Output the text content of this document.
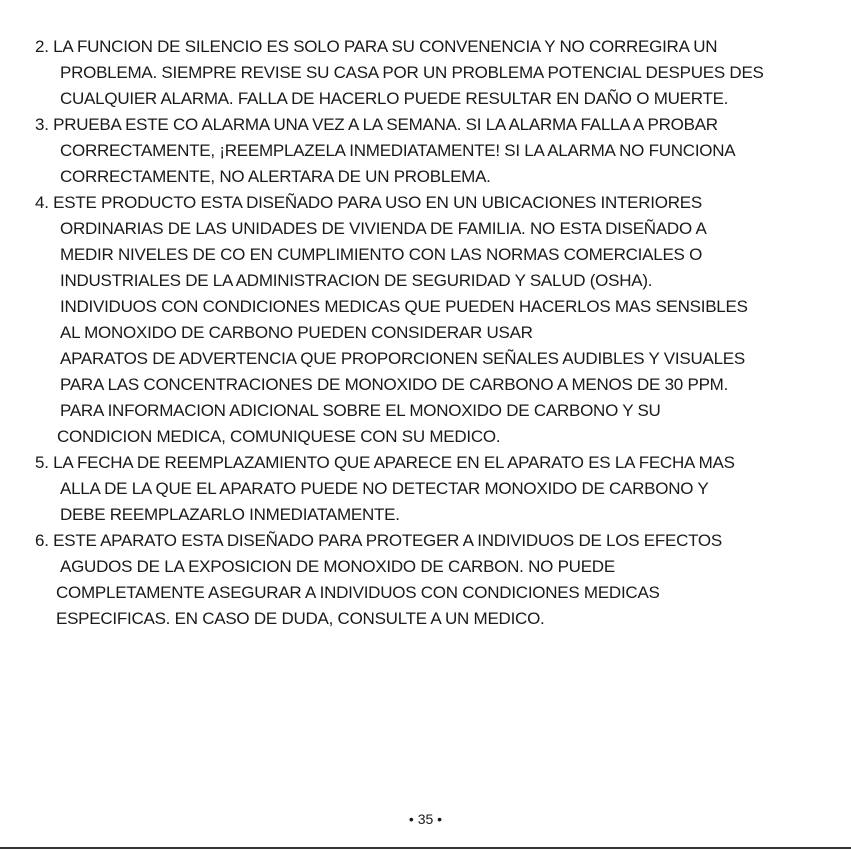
2. LA FUNCION DE SILENCIO ES SOLO PARA SU CONVENENCIA Y NO CORREGIRA UN
PROBLEMA. SIEMPRE REVISE SU CASA POR UN PROBLEMA POTENCIAL DESPUES DES
CUALQUIER ALARMA. FALLA DE HACERLO PUEDE RESULTAR EN DAÑO O MUERTE.
3. PRUEBA ESTE CO ALARMA UNA VEZ A LA SEMANA. SI LA ALARMA FALLA A PROBAR
CORRECTAMENTE, ¡REEMPLAZELA INMEDIATAMENTE! SI LA ALARMA NO FUNCIONA
CORRECTAMENTE, NO ALERTARA DE UN PROBLEMA.
4. ESTE PRODUCTO ESTA DISEÑADO PARA USO EN UN UBICACIONES INTERIORES
ORDINARIAS DE LAS UNIDADES DE VIVIENDA DE FAMILIA. NO ESTA DISEÑADO A
MEDIR NIVELES DE CO EN CUMPLIMIENTO CON LAS NORMAS COMERCIALES O
INDUSTRIALES DE LA ADMINISTRACION DE SEGURIDAD Y SALUD (OSHA).
INDIVIDUOS CON CONDICIONES MEDICAS QUE PUEDEN HACERLOS MAS SENSIBLES
AL MONOXIDO DE CARBONO PUEDEN CONSIDERAR USAR
APARATOS DE ADVERTENCIA QUE PROPORCIONEN SEÑALES AUDIBLES Y VISUALES
PARA LAS CONCENTRACIONES DE MONOXIDO DE CARBONO A MENOS DE 30 PPM.
PARA INFORMACION ADICIONAL SOBRE EL MONOXIDO DE CARBONO Y SU
CONDICION MEDICA, COMUNIQUESE CON SU MEDICO.
5. LA FECHA DE REEMPLAZAMIENTO QUE APARECE EN EL APARATO ES LA FECHA MAS
ALLA DE LA QUE EL APARATO PUEDE NO DETECTAR MONOXIDO DE CARBONO Y
DEBE REEMPLAZARLO INMEDIATAMENTE.
6. ESTE APARATO ESTA DISEÑADO PARA PROTEGER A INDIVIDUOS DE LOS EFECTOS
AGUDOS DE LA EXPOSICION DE MONOXIDO DE CARBON. NO PUEDE
COMPLETAMENTE ASEGURAR A INDIVIDUOS CON CONDICIONES MEDICAS
ESPECIFICAS. EN CASO DE DUDA, CONSULTE A UN MEDICO.
• 35 •
